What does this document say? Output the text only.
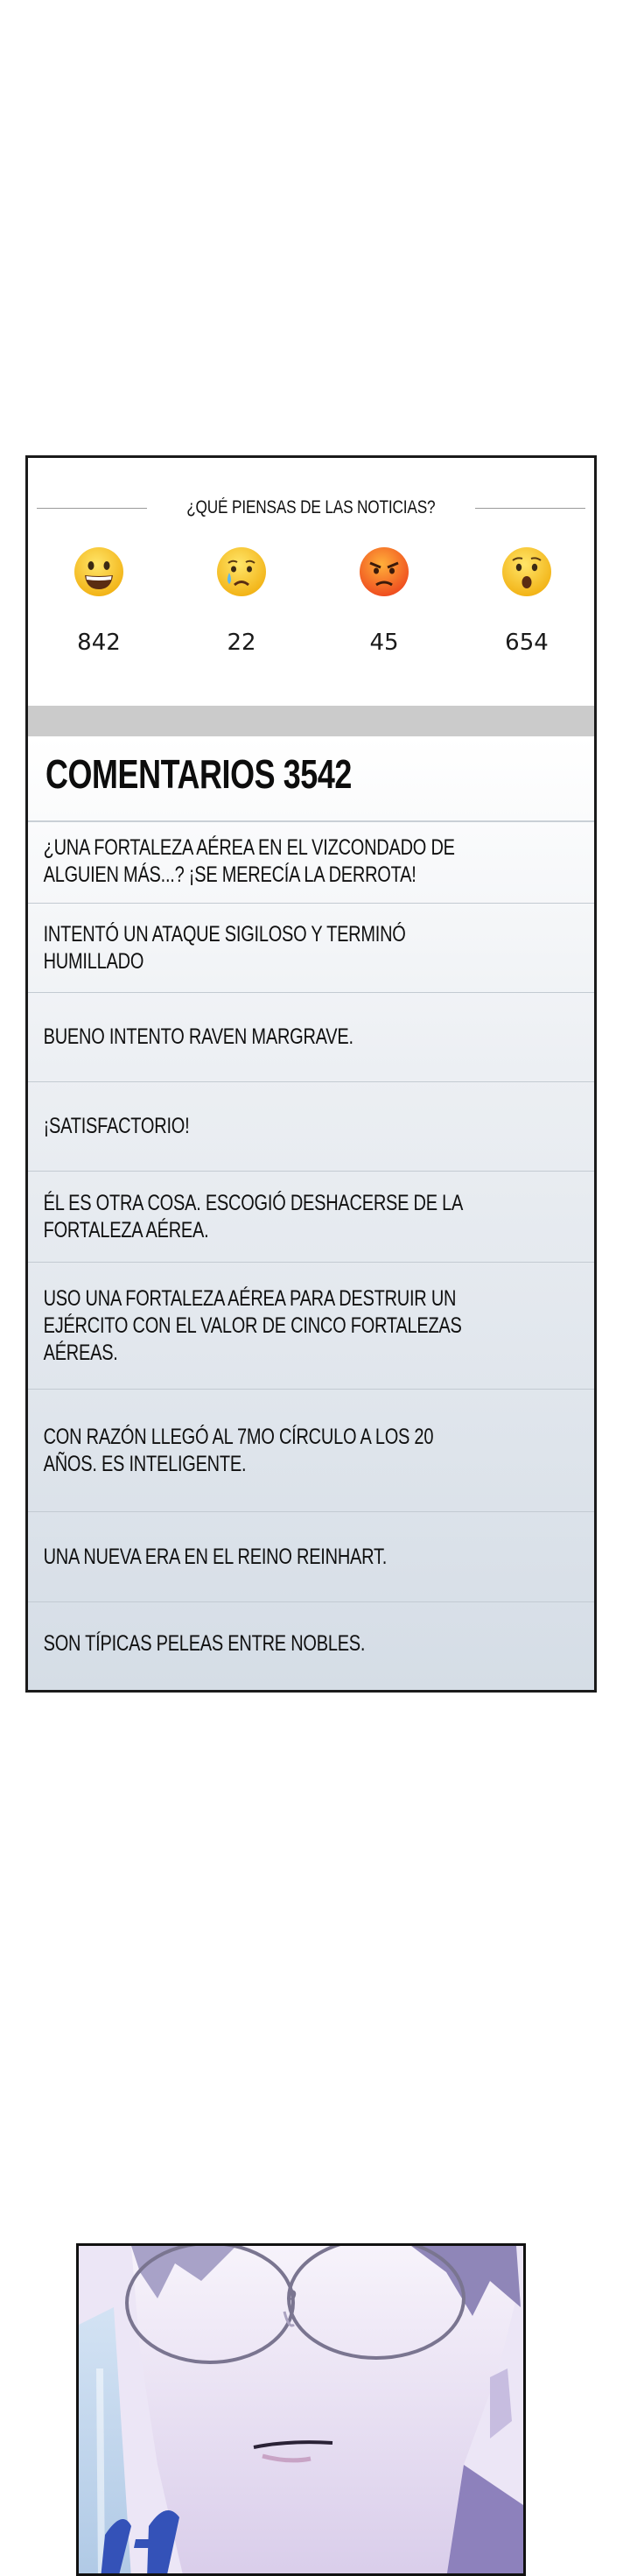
¿QUÉ PIENSAS DE LAS NOTICIAS?
842	22	45	654
COMENTARIOS 3542
¿UNA FORTALEZA AÉREA EN EL VIZCONDADO DE ALGUIEN MÁS...? ¡SE MERECÍA LA DERROTA!
INTENTÓ UN ATAQUE SIGILOSO Y TERMINÓ HUMILLADO
BUENO INTENTO RAVEN MARGRAVE.
¡SATISFACTORIO!
ÉL ES OTRA COSA. ESCOGIÓ DESHACERSE DE LA FORTALEZA AÉREA.
USO UNA FORTALEZA AÉREA PARA DESTRUIR UN EJÉRCITO CON EL VALOR DE CINCO FORTALEZAS AÉREAS.
CON RAZÓN LLEGÓ AL 7MO CÍRCULO A LOS 20 AÑOS. ES INTELIGENTE.
UNA NUEVA ERA EN EL REINO REINHART.
SON TÍPICAS PELEAS ENTRE NOBLES.
